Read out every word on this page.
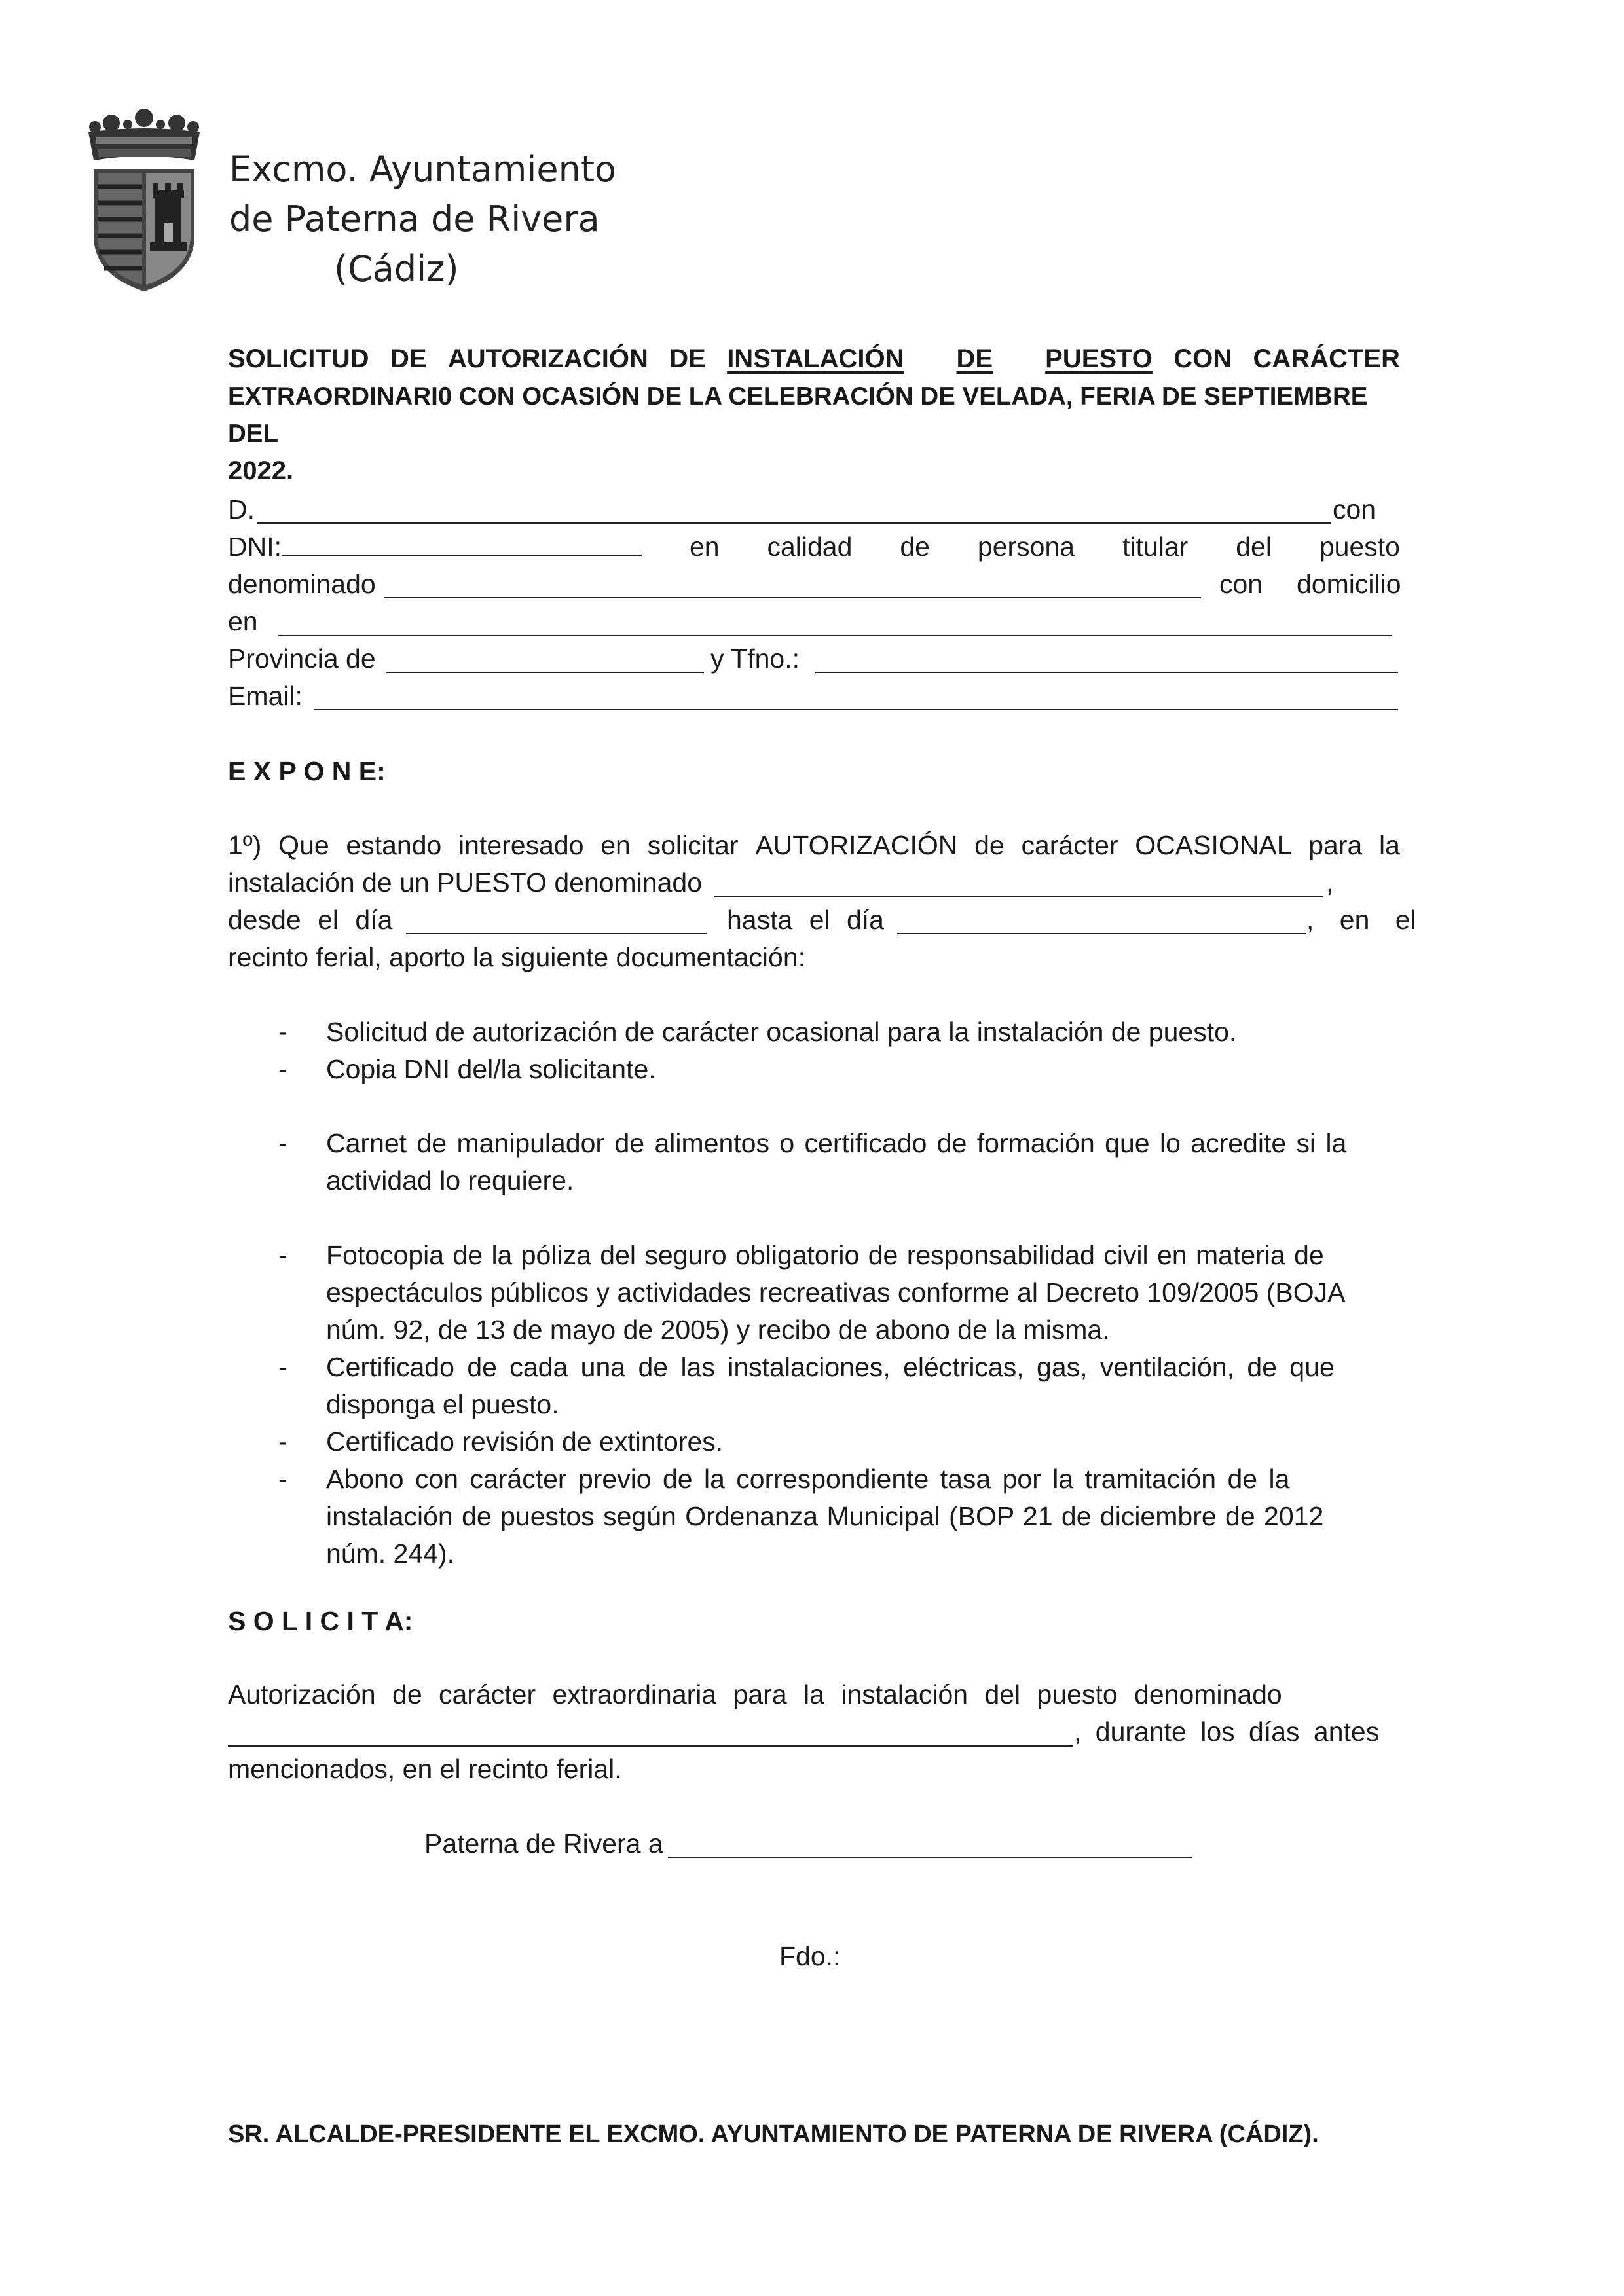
Excmo. Ayuntamiento
de Paterna de Rivera
(Cádiz)
SOLICITUD DE AUTORIZACIÓN DE INSTALACIÓN DE PUESTO CON CARÁCTER
EXTRAORDINARI0 CON OCASIÓN DE LA CELEBRACIÓN DE VELADA, FERIA DE SEPTIEMBRE DEL
2022.
D.	con
DNI:	en calidad de persona titular del puesto
denominado	con domicilio
en
Provincia de	y Tfno.:
Email:
E X P O N E:
1º) Que estando interesado en solicitar AUTORIZACIÓN de carácter OCASIONAL para la
instalación de un PUESTO denominado	,
desde el día	hasta el día	, en el
recinto ferial, aporto la siguiente documentación:
- Solicitud de autorización de carácter ocasional para la instalación de puesto.
- Copia DNI del/la solicitante.
- Carnet de manipulador de alimentos o certificado de formación que lo acredite si la
actividad lo requiere.
- Fotocopia de la póliza del seguro obligatorio de responsabilidad civil en materia de
espectáculos públicos y actividades recreativas conforme al Decreto 109/2005 (BOJA
núm. 92, de 13 de mayo de 2005) y recibo de abono de la misma.
- Certificado de cada una de las instalaciones, eléctricas, gas, ventilación, de que
disponga el puesto.
- Certificado revisión de extintores.
- Abono con carácter previo de la correspondiente tasa por la tramitación de la
instalación de puestos según Ordenanza Municipal (BOP 21 de diciembre de 2012
núm. 244).
S O L I C I T A:
Autorización de carácter extraordinaria para la instalación del puesto denominado
, durante los días antes
mencionados, en el recinto ferial.
Paterna de Rivera a
Fdo.:
SR. ALCALDE-PRESIDENTE EL EXCMO. AYUNTAMIENTO DE PATERNA DE RIVERA (CÁDIZ).
